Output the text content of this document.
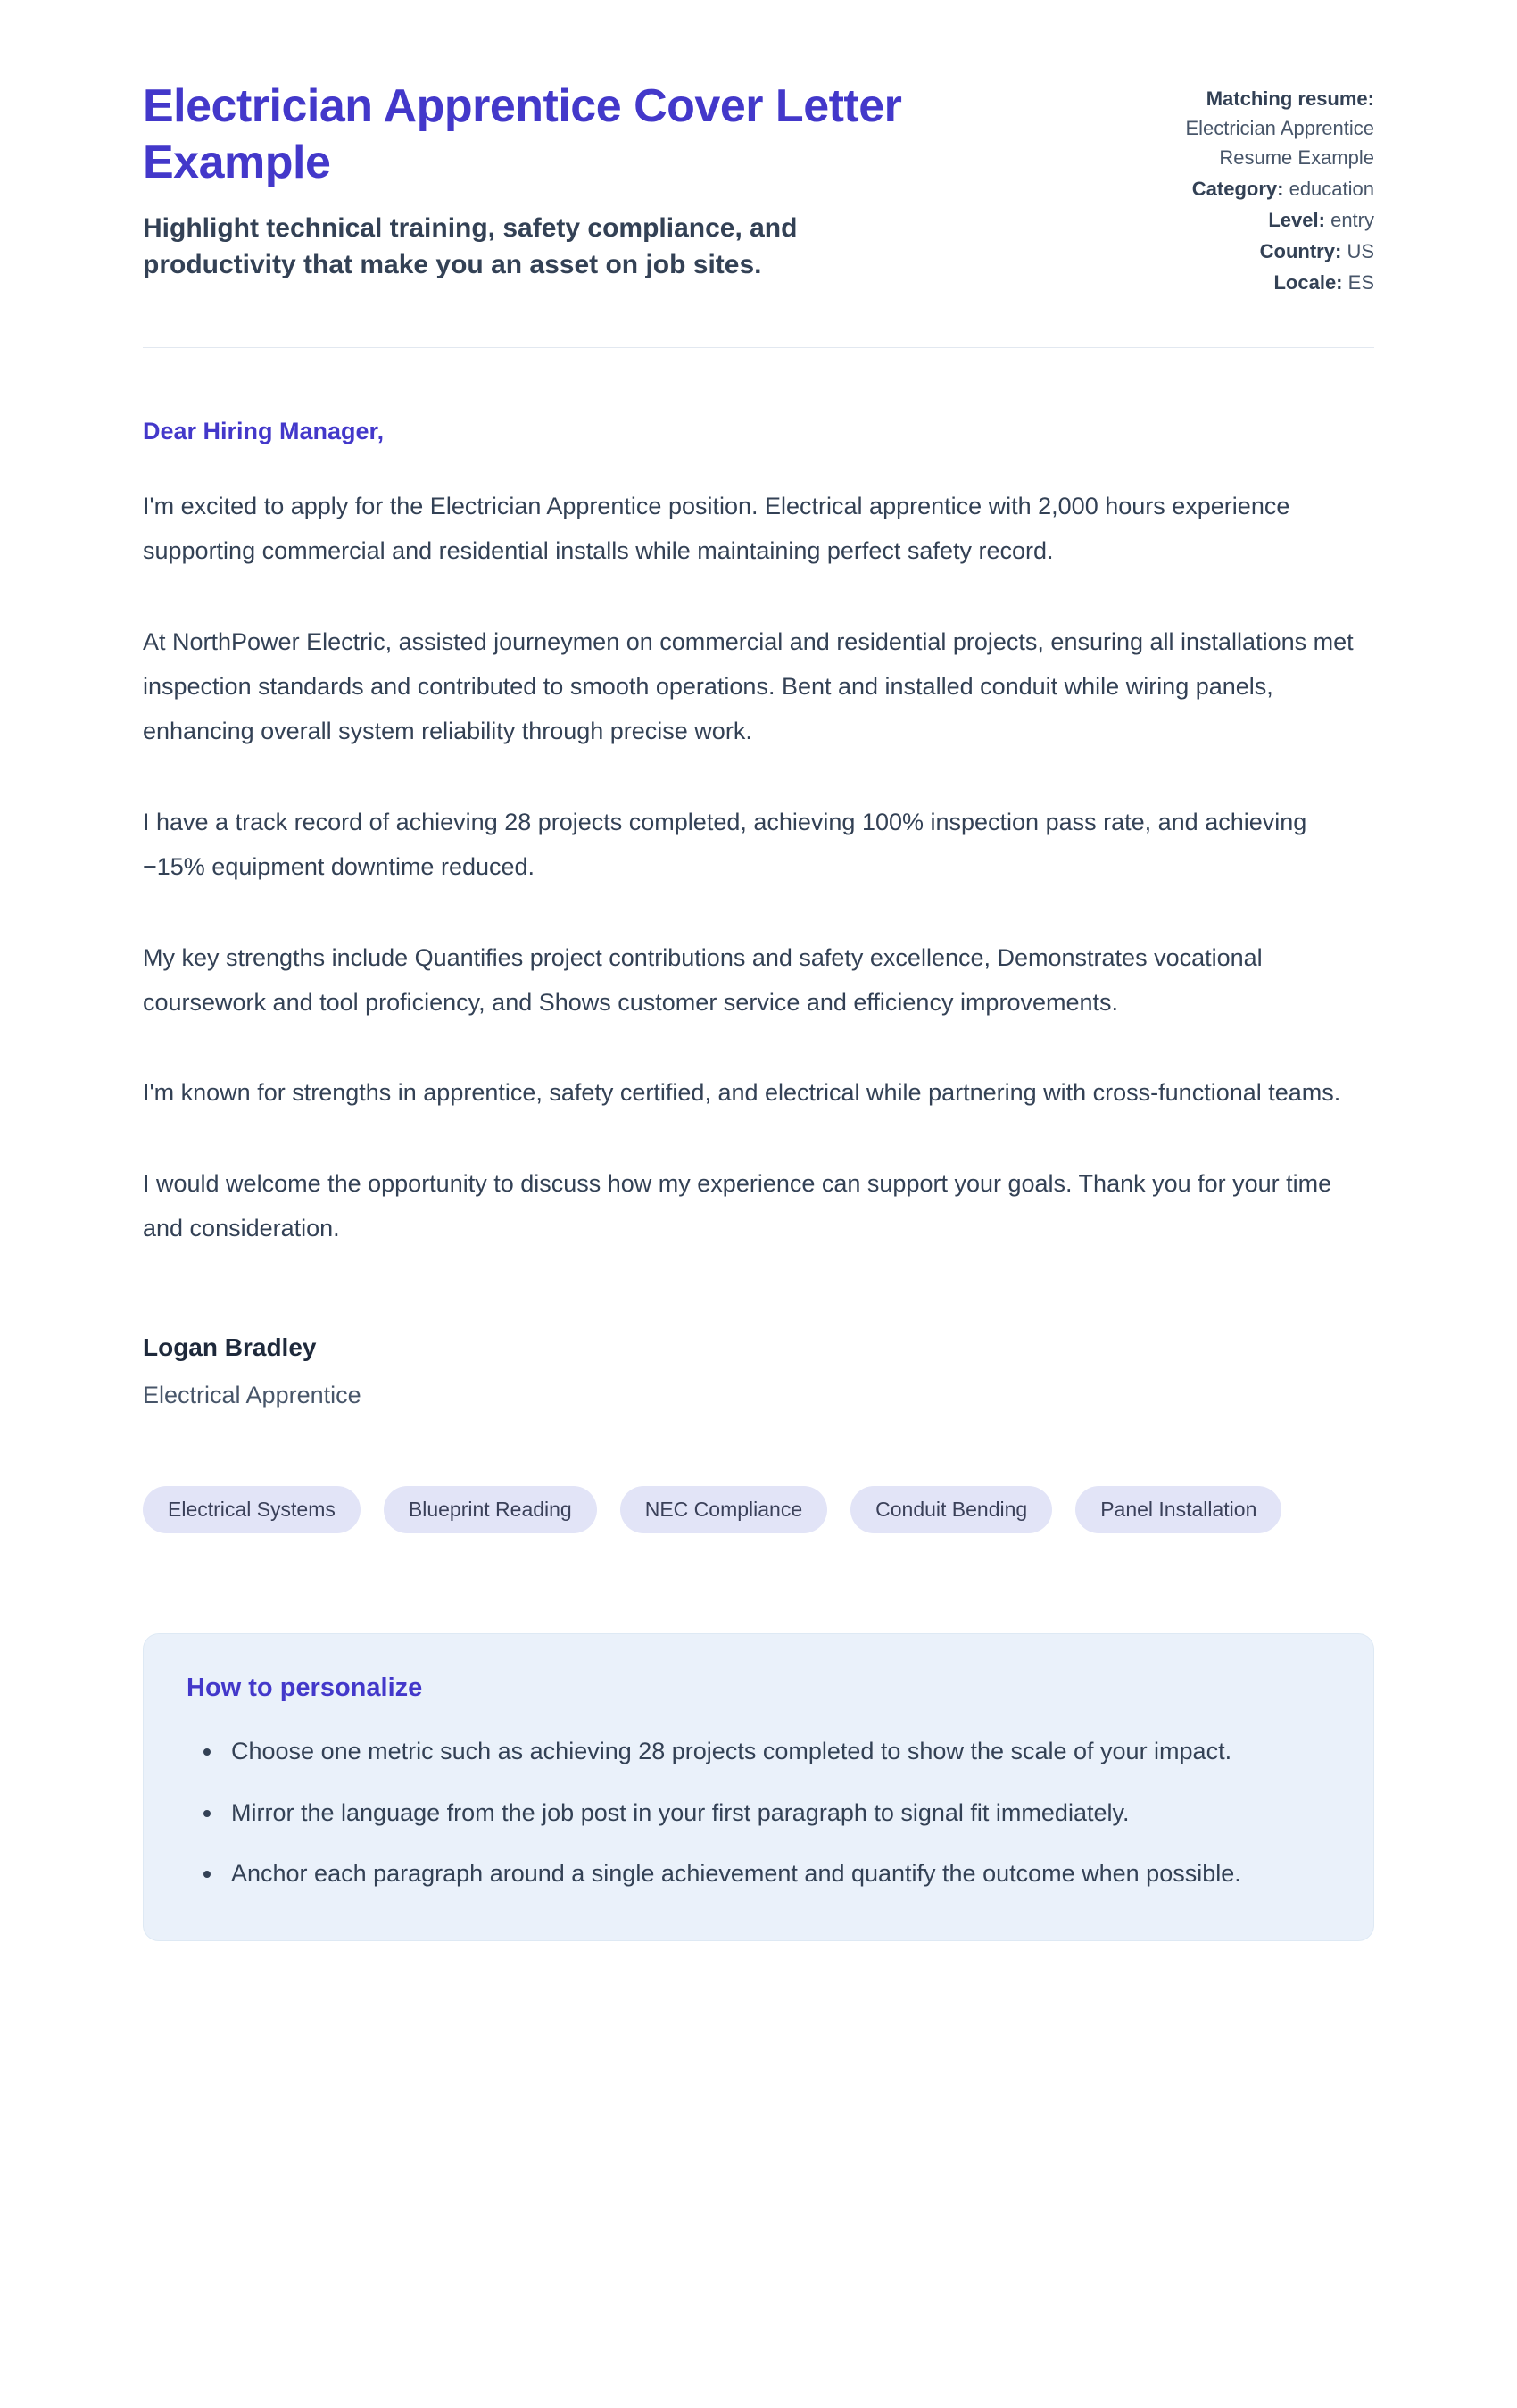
Electrician Apprentice Cover Letter Example

Highlight technical training, safety compliance, and productivity that make you an asset on job sites.

Matching resume: Electrician Apprentice Resume Example
Category: education
Level: entry
Country: US
Locale: ES

Dear Hiring Manager,

I'm excited to apply for the Electrician Apprentice position. Electrical apprentice with 2,000 hours experience supporting commercial and residential installs while maintaining perfect safety record.

At NorthPower Electric, assisted journeymen on commercial and residential projects, ensuring all installations met inspection standards and contributed to smooth operations. Bent and installed conduit while wiring panels, enhancing overall system reliability through precise work.

I have a track record of achieving 28 projects completed, achieving 100% inspection pass rate, and achieving −15% equipment downtime reduced.

My key strengths include Quantifies project contributions and safety excellence, Demonstrates vocational coursework and tool proficiency, and Shows customer service and efficiency improvements.

I'm known for strengths in apprentice, safety certified, and electrical while partnering with cross-functional teams.

I would welcome the opportunity to discuss how my experience can support your goals. Thank you for your time and consideration.

Logan Bradley

Electrical Apprentice

Electrical Systems	Blueprint Reading	NEC Compliance	Conduit Bending	Panel Installation
How to personalize
• Choose one metric such as achieving 28 projects completed to show the scale of your impact.
• Mirror the language from the job post in your first paragraph to signal fit immediately.
• Anchor each paragraph around a single achievement and quantify the outcome when possible.
